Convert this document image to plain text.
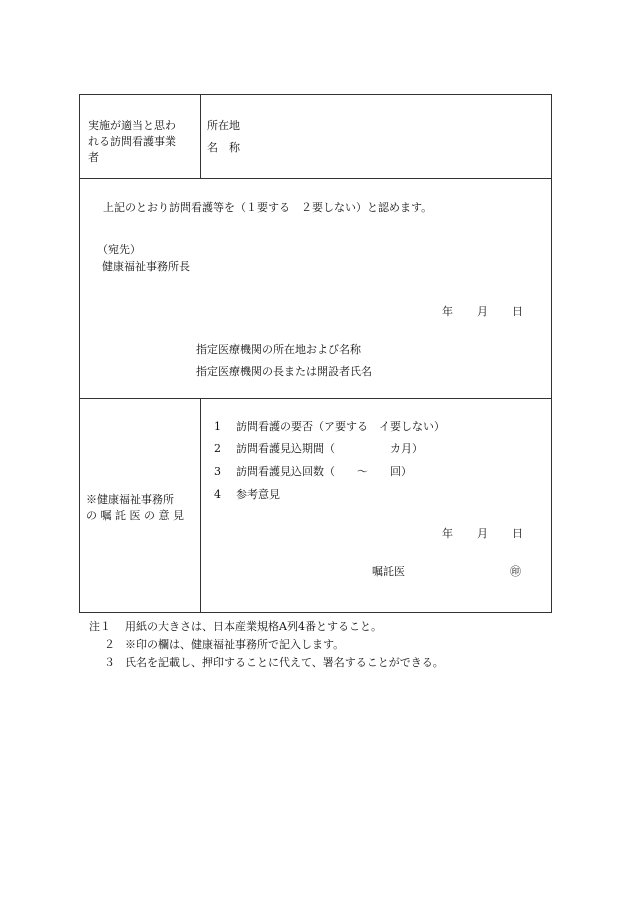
実施が適当と思わ
れる訪問看護事業
者
所在地
名　称
上記のとおり訪問看護等を（１要する　２要しない）と認めます。
（宛先）
健康福祉事務所長
年 月 日
指定医療機関の所在地および名称
指定医療機関の長または開設者氏名
※健康福祉事務所
の 嘱 託 医 の 意 見
1 訪問看護の要否（ア要する　イ要しない）
2 訪問看護見込期間（　　　　　カ月）
3 訪問看護見込回数（　　～　　回）
4 参考意見
年 月 日
嘱託医	㊞
注１ 用紙の大きさは、日本産業規格A列4番とすること。
２ ※印の欄は、健康福祉事務所で記入します。
３ 氏名を記載し、押印することに代えて、署名することができる。
